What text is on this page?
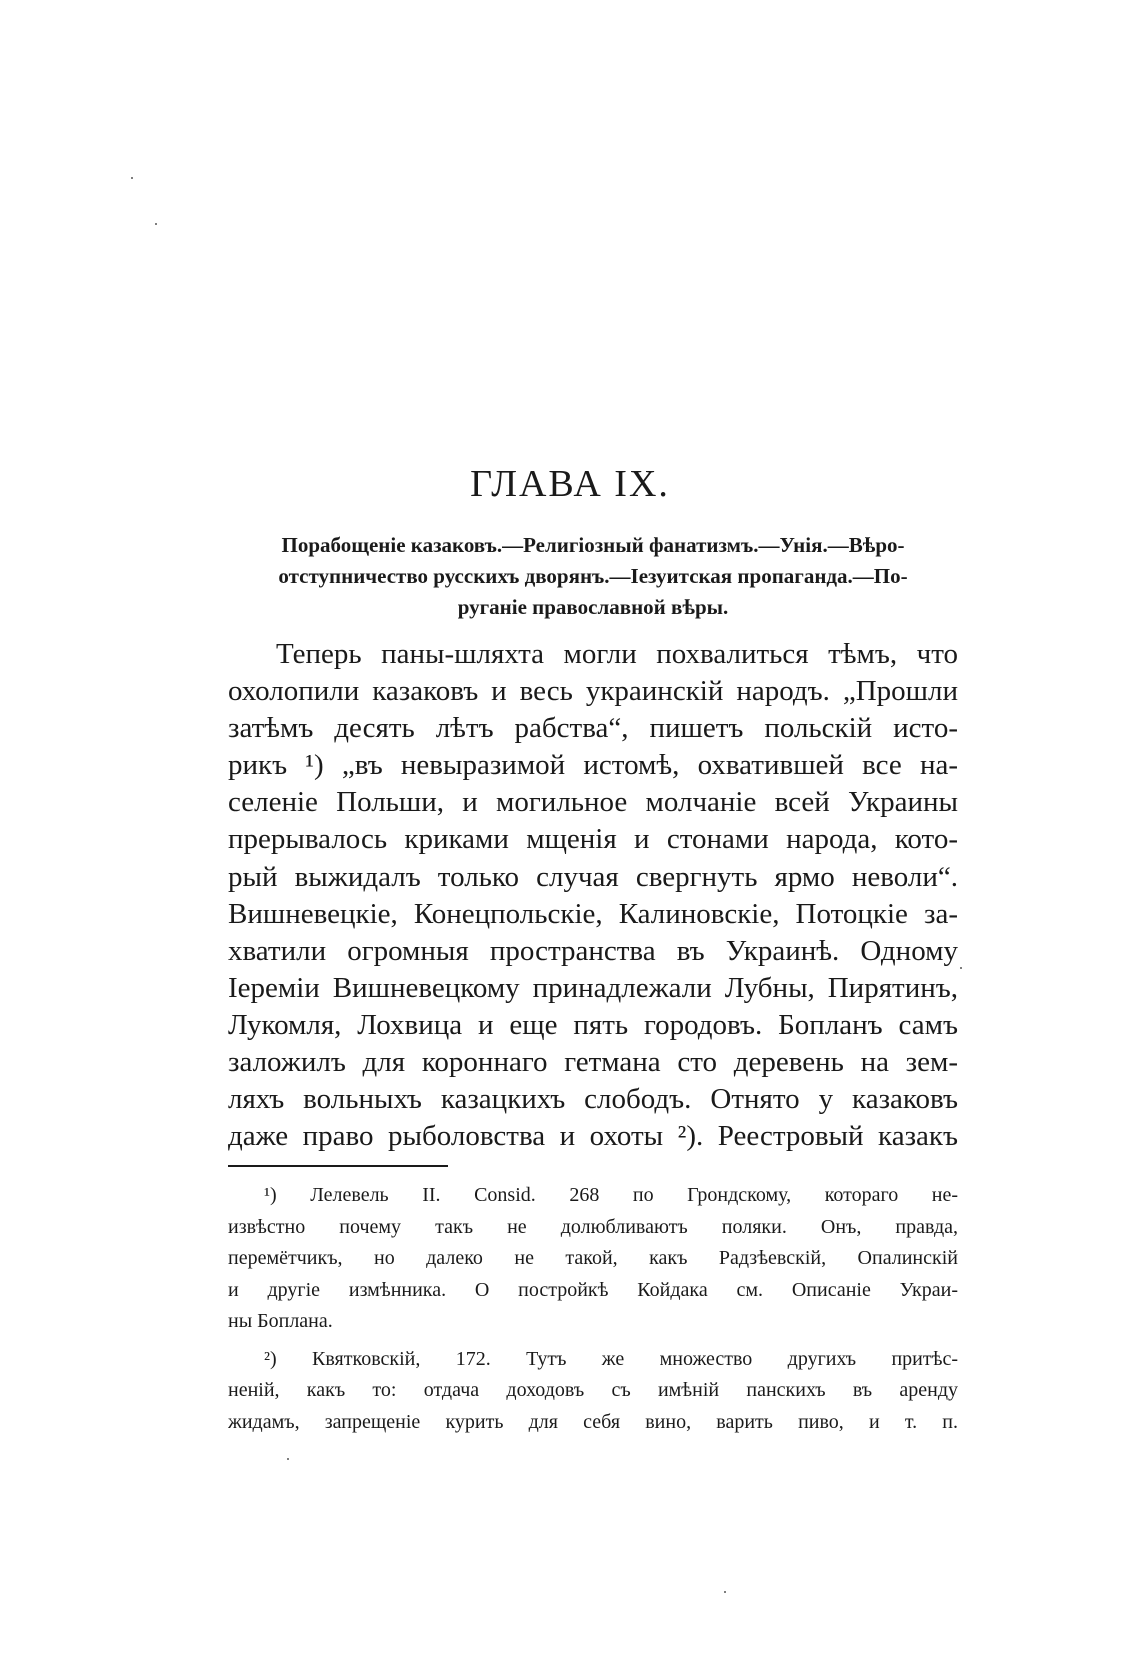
ГЛАВА IX.
Порабощеніе казаковъ.—Религіозный фанатизмъ.—Унія.—Вѣро-
отступничество русскихъ дворянъ.—Іезуитская пропаганда.—По-
руганіе православной вѣры.
Теперь паны-шляхта могли похвалиться тѣмъ, что
охолопили казаковъ и весь украинскій народъ. „Прошли
затѣмъ десять лѣтъ рабства“, пишетъ польскій исто-
рикъ ¹) „въ невыразимой истомѣ, охватившей все на-
селеніе Польши, и могильное молчаніе всей Украины
прерывалось криками мщенія и стонами народа, кото-
рый выжидалъ только случая свергнуть ярмо неволи“.
Вишневецкіе, Конецпольскіе, Калиновскіе, Потоцкіе за-
хватили огромныя пространства въ Украинѣ. Одному
Іереміи Вишневецкому принадлежали Лубны, Пирятинъ,
Лукомля, Лохвица и еще пять городовъ. Бопланъ самъ
заложилъ для короннаго гетмана сто деревень на зем-
ляхъ вольныхъ казацкихъ слободъ. Отнято у казаковъ
даже право рыболовства и охоты ²). Реестровый казакъ
¹) Лелевель II. Consid. 268 по Грондскому, котораго не-
извѣстно почему такъ не долюбливаютъ поляки. Онъ, правда,
перемётчикъ, но далеко не такой, какъ Радзѣевскій, Опалинскій
и другіе измѣнника. О постройкѣ Койдака см. Описаніе Украи-
ны Боплана.
²) Квятковскій, 172. Тутъ же множество другихъ притѣс-
неній, какъ то: отдача доходовъ съ имѣній панскихъ въ аренду
жидамъ, запрещеніе курить для себя вино, варить пиво, и т. п.
